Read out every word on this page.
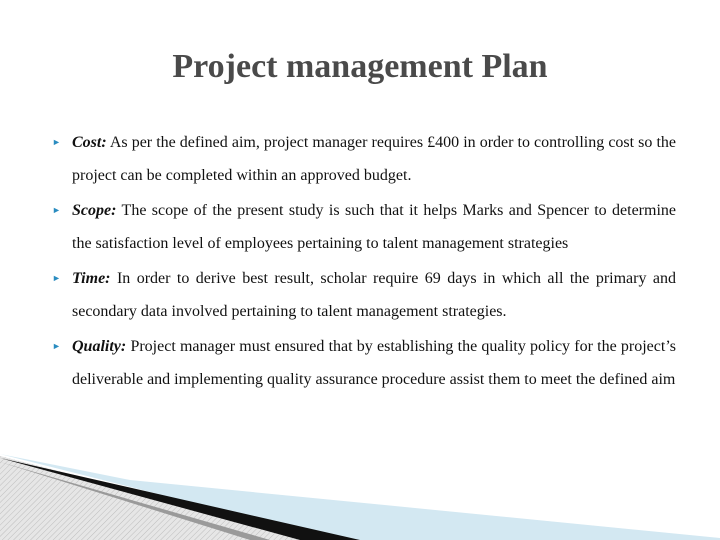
Project management Plan
► Cost: As per the defined aim, project manager requires £400 in order to controlling cost so the project can be completed within an approved budget.
► Scope: The scope of the present study is such that it helps Marks and Spencer to determine the satisfaction level of employees pertaining to talent management strategies
► Time: In order to derive best result, scholar require 69 days in which all the primary and secondary data involved pertaining to talent management strategies.
► Quality: Project manager must ensured that by establishing the quality policy for the project’s deliverable and implementing quality assurance procedure assist them to meet the defined aim
